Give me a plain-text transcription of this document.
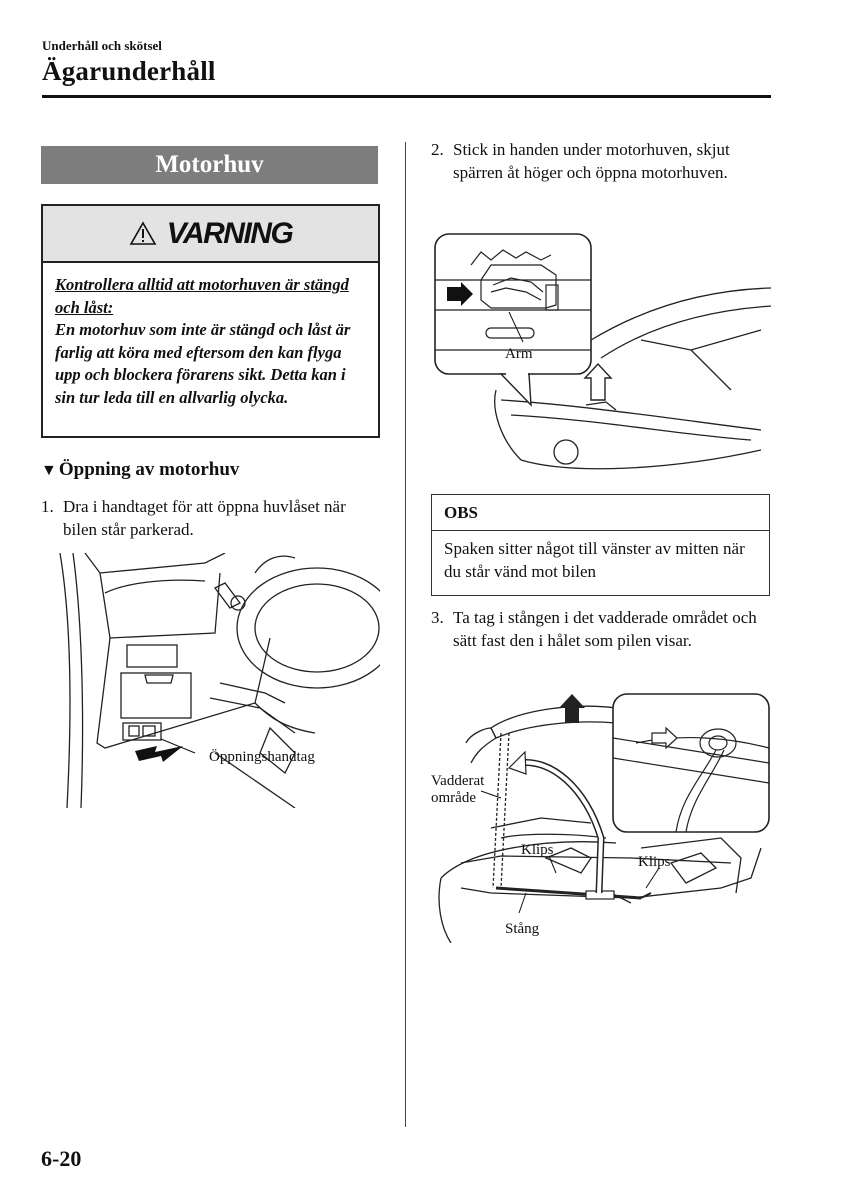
Underhåll och skötsel
Ägarunderhåll
Motorhuv
VARNING
Kontrollera alltid att motorhuven är stängd och låst:
En motorhuv som inte är stängd och låst är farlig att köra med eftersom den kan flyga upp och blockera förarens sikt. Detta kan i sin tur leda till en allvarlig olycka.
▼ Öppning av motorhuv
1. Dra i handtaget för att öppna huvlåset när bilen står parkerad.
Öppningshandtag
2. Stick in handen under motorhuven, skjut spärren åt höger och öppna motorhuven.
Arm
OBS
Spaken sitter något till vänster av mitten när du står vänd mot bilen
3. Ta tag i stången i det vadderade området och sätt fast den i hålet som pilen visar.
Vadderat område
Klips
Klips
Stång
6-20
